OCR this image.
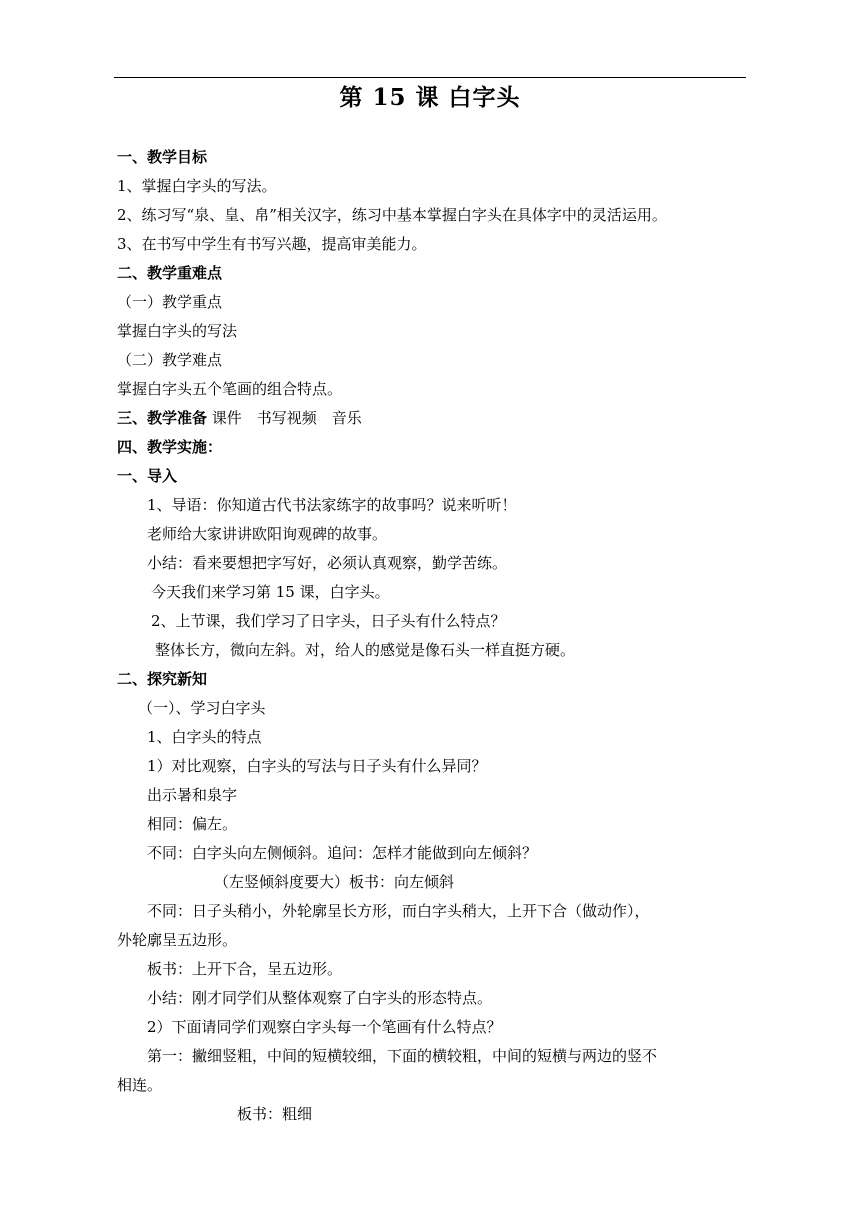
第 15 课 白字头
一、教学目标
1、掌握白字头的写法。
2、练习写“泉、皇、帛”相关汉字，练习中基本掌握白字头在具体字中的灵活运用。
3、在书写中学生有书写兴趣，提高审美能力。
二、教学重难点
（一）教学重点
掌握白字头的写法
（二）教学难点
掌握白字头五个笔画的组合特点。
三、教学准备 课件　书写视频　音乐
四、教学实施：
一、导入
1、导语：你知道古代书法家练字的故事吗？说来听听！
老师给大家讲讲欧阳询观碑的故事。
小结：看来要想把字写好，必须认真观察，勤学苦练。
今天我们来学习第 15 课，白字头。
2、上节课，我们学习了日字头，日子头有什么特点？
整体长方，微向左斜。对，给人的感觉是像石头一样直挺方硬。
二、探究新知
（一）、学习白字头
1、白字头的特点
1）对比观察，白字头的写法与日子头有什么异同？
出示暑和泉字
相同：偏左。
不同：白字头向左侧倾斜。追问：怎样才能做到向左倾斜？
（左竖倾斜度要大）板书：向左倾斜
不同：日子头稍小，外轮廓呈长方形，而白字头稍大，上开下合（做动作），
外轮廓呈五边形。
板书：上开下合，呈五边形。
小结：刚才同学们从整体观察了白字头的形态特点。
2）下面请同学们观察白字头每一个笔画有什么特点？
第一：撇细竖粗，中间的短横较细，下面的横较粗，中间的短横与两边的竖不
相连。
板书：粗细
